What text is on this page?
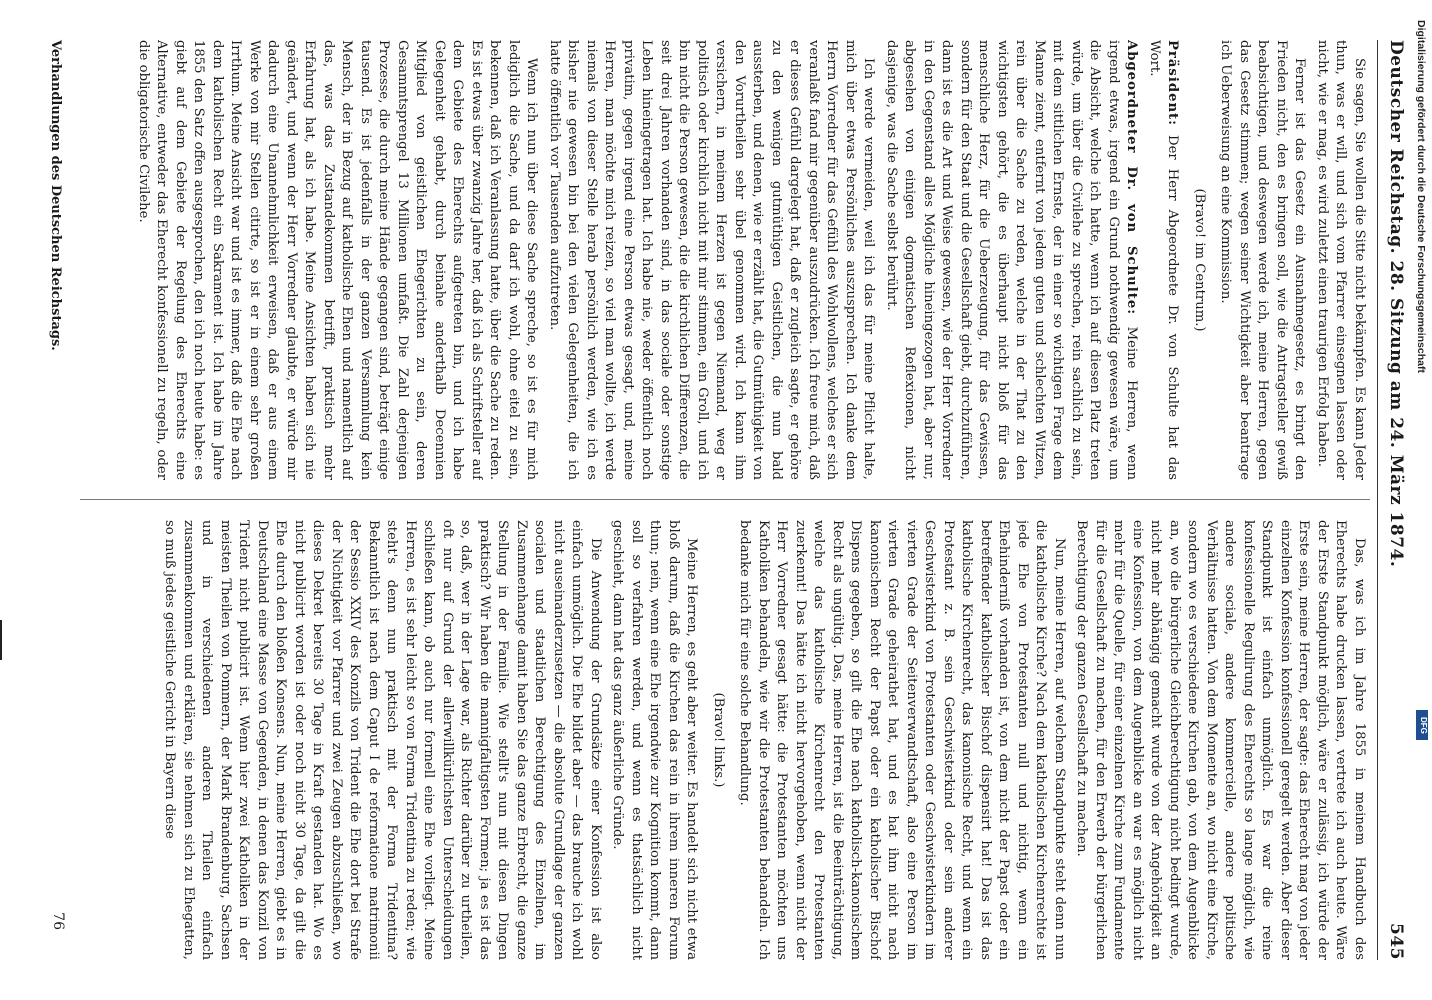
Deutscher Reichstag. 28. Sitzung am 24. März 1874.
545

Sie sagen, Sie wollen die Sitte nicht bekämpfen. Es kann Jeder thun, was er will, und sich vom Pfarrer einsegnen lassen oder nicht, wie er mag, es wird zuletzt einen traurigen Erfolg haben.

Ferner ist das Gesetz ein Ausnahmegesetz, es bringt den Frieden nicht, den es bringen soll, wie die Antragsteller gewiß beabsichtigen, und deswegen werde ich, meine Herren, gegen das Gesetz stimmen; wegen seiner Wichtigkeit aber beantrage ich Ueberweisung an eine Kommission.

(Bravo! im Centrum.)

Präsident: Der Herr Abgeordnete Dr. von Schulte hat das Wort.

Abgeordneter Dr. von Schulte: Meine Herren, wenn irgend etwas, irgend ein Grund nothwendig gewesen wäre, um die Absicht, welche ich hatte, wenn ich auf diesen Platz treten würde, um über die Civilehe zu sprechen, rein sachlich zu sein, mit dem sittlichen Ernste, der in einer so wichtigen Frage dem Manne ziemt, entfernt von jedem guten und schlechten Witzen, rein über die Sache zu reden, welche in der That zu den wichtigsten gehört, die es überhaupt nicht bloß für das menschliche Herz, für die Ueberzeugung, für das Gewissen, sondern für den Staat und die Gesellschaft giebt, durchzuführen, dann ist es die Art und Weise gewesen, wie der Herr Vorredner in den Gegenstand alles Mögliche hineingezogen hat, aber nur, abgesehen von einigen dogmatischen Reflexionen, nicht dasjenige, was die Sache selbst berührt.

Ich werde vermeiden, weil ich das für meine Pflicht halte, mich über etwas Persönliches auszusprechen. Ich danke dem Herrn Vorredner für das Gefühl des Wohlwollens, welches er sich veranlaßt fand mir gegenüber auszudrücken. Ich freue mich, daß er dieses Gefühl dargelegt hat, daß er zugleich sagte, er gehöre zu den wenigen gutmüthigen Geistlichen, die nun bald aussterben, und denen, wie er erzählt hat, die Gutmüthigkeit von den Vorurtheilen sehr übel genommen wird. Ich kann ihm versichern, in meinem Herzen ist gegen Niemand, weg er politisch oder kirchlich nicht mit mir stimmen, ein Groll, und ich bin nicht die Person gewesen, die die kirchlichen Differenzen, die seit drei Jahren vorhanden sind, in das sociale oder sonstige Leben hineingetragen hat. Ich habe nie, weder öffentlich noch privatim, gegen irgend eine Person etwas gesagt, und, meine Herren, man möchte mich reizen, so viel man wollte, ich werde niemals von dieser Stelle herab persönlich werden, wie ich es bisher nie gewesen bin bei den vielen Gelegenheiten, die ich hatte öffentlich vor Tausenden aufzutreten.

Wenn ich nun über diese Sache spreche, so ist es für mich lediglich die Sache, und da darf ich wohl, ohne eitel zu sein, bekennen, daß ich Veranlassung hatte, über die Sache zu reden. Es ist etwas über zwanzig Jahre her, daß ich als Schriftsteller auf dem Gebiete des Eherechts aufgetreten bin, und ich habe Gelegenheit gehabt, durch beinahe anderthalb Decennien Mitglied von geistlichen Ehegerichten zu sein, deren Gesammtsprengel 13 Millionen umfaßt. Die Zahl derjenigen Prozesse, die durch meine Hände gegangen sind, beträgt einige tausend. Es ist jedenfalls in der ganzen Versammlung kein Mensch, der in Bezug auf katholische Ehen und namentlich auf das, was das Zustandekommen betrifft, praktisch mehr Erfahrung hat, als ich habe. Meine Ansichten haben sich nie geändert, und wenn der Herr Vorredner glaubte, er würde mir dadurch eine Unannehmlichkeit erweisen, daß er aus einem Werke von mir Stellen citirte, so ist er in einem sehr großen Irrthum. Meine Ansicht war und ist es immer, daß die Ehe nach dem katholischen Recht ein Sakrament ist. Ich habe im Jahre 1855 den Satz offen ausgesprochen, den ich noch heute habe: es giebt auf dem Gebiete der Regelung des Eherechts eine Alternative, entweder das Eherecht konfessionell zu regeln, oder die obligatorische Civilehe.

Das, was ich im Jahre 1855 in meinem Handbuch des Eherechts habe drucken lassen, vertrete ich auch heute. Wäre der Erste Standpunkt möglich, wäre er zulässig, ich würde der Erste sein, meine Herren, der sagte: das Eherecht mag von jeder einzelnen Konfession konfessionell geregelt werden. Aber dieser Standpunkt ist einfach unmöglich. Es war die reine konfessionelle Regulirung des Eherechts so lange möglich, wie andere sociale, andere kommercielle, andere politische Verhältnisse hatten. Von dem Momente an, wo nicht eine Kirche, sondern wo es verschiedene Kirchen gab, von dem Augenblicke an, wo die bürgerliche Gleichberechtigung nicht bedingt wurde, nicht mehr abhängig gemacht wurde von der Angehörigkeit an eine Konfession, von dem Augenblicke an war es möglich nicht mehr für die Quelle, für einer einzelnen Kirche zum Fundamente für die Gesellschaft zu machen, für den Erwerb der bürgerlichen Berechtigung der ganzen Gesellschaft zu machen.

Nun, meine Herren, auf welchem Standpunkte steht denn nun die katholische Kirche? Nach dem katholischen Kirchenrechte ist jede Ehe von Protestanten null und nichtig, wenn ein Ehehinderniß vorhanden ist, von dem nicht der Papst oder ein betreffender katholischer Bischof dispensirt hat! Das ist das katholische Kirchenrecht, das kanonische Recht, und wenn ein Protestant z. B. sein Geschwisterkind oder sein anderer Geschwisterkind von Protestanten oder Geschwisterkindern im vierten Grade der Seitenverwandtschaft, also eine Person im vierten Grade geheirathet hat, und es hat ihm nicht nach kanonischem Recht der Papst oder ein katholischer Bischof Dispens gegeben, so gilt die Ehe nach katholisch-kanonischem Recht als ungültig. Das, meine Herren, ist die Beeinträchtigung, welche das katholische Kirchenrecht den Protestanten zuerkennt! Das hätte ich nicht hervorgehoben, wenn nicht der Herr Vorredner gesagt hätte: die Protestanten möchten uns Katholiken behandeln, wie wir die Protestanten behandeln. Ich bedanke mich für eine solche Behandlung.

(Bravo! links.)

Meine Herren, es geht aber weiter. Es handelt sich nicht etwa bloß darum, daß die Kirchen das rein in ihrem inneren Forum thun; nein, wenn eine Ehe irgendwie zur Kognition kommt, dann soll so verfahren werden, und wenn es thatsächlich nicht geschieht, dann hat das ganz äußerliche Gründe.

Die Anwendung der Grundsätze einer Konfession ist also einfach unmöglich. Die Ehe bildet aber — das brauche ich wohl nicht auseinanderzusetzen — die absolute Grundlage der ganzen socialen und staatlichen Berechtigung des Einzelnen, im Zusammenhange damit haben Sie das ganze Erbrecht, die ganze Stellung in der Familie. Wie stellt's nun mit diesen Dingen praktisch? Wir haben die mannigfaltigsten Formen; ja es ist das so, daß, wer in der Lage war, als Richter darüber zu urtheilen, oft nur auf Grund der allerwillkürlichsten Unterscheidungen schließen kann, ob auch nur formell eine Ehe vorliegt. Meine Herren, es ist sehr leicht so von Forma Tridentina zu reden; wie steht's denn nun praktisch mit der Forma Tridentina? Bekanntlich ist nach dem Caput I de reformatione matrimonii der Sessio XXIV des Konzils von Trident die Ehe dort bei Strafe der Nichtigkeit vor Pfarrer und zwei Zeugen abzuschließen, wo dieses Dekret bereits 30 Tage in Kraft gestanden hat. Wo es nicht publicirt worden ist oder noch nicht 30 Tage, da gilt die Ehe durch den bloßen Konsens. Nun, meine Herren, giebt es in Deutschland eine Masse von Gegenden, in denen das Konzil von Trident nicht publicirt ist. Wenn hier zwei Katholiken in der meisten Theilen von Pommern, der Mark Brandenburg, Sachsen und in verschiedenen anderen Theilen einfach zusammenkommen und erklären, sie nehmen sich zu Ehegatten, so muß jedes geistliche Gericht in Bayern diese

Verhandlungen des Deutschen Reichstags.
76
Digitalisierung gefördert durch die Deutsche Forschungsgemeinschaft
DFG
